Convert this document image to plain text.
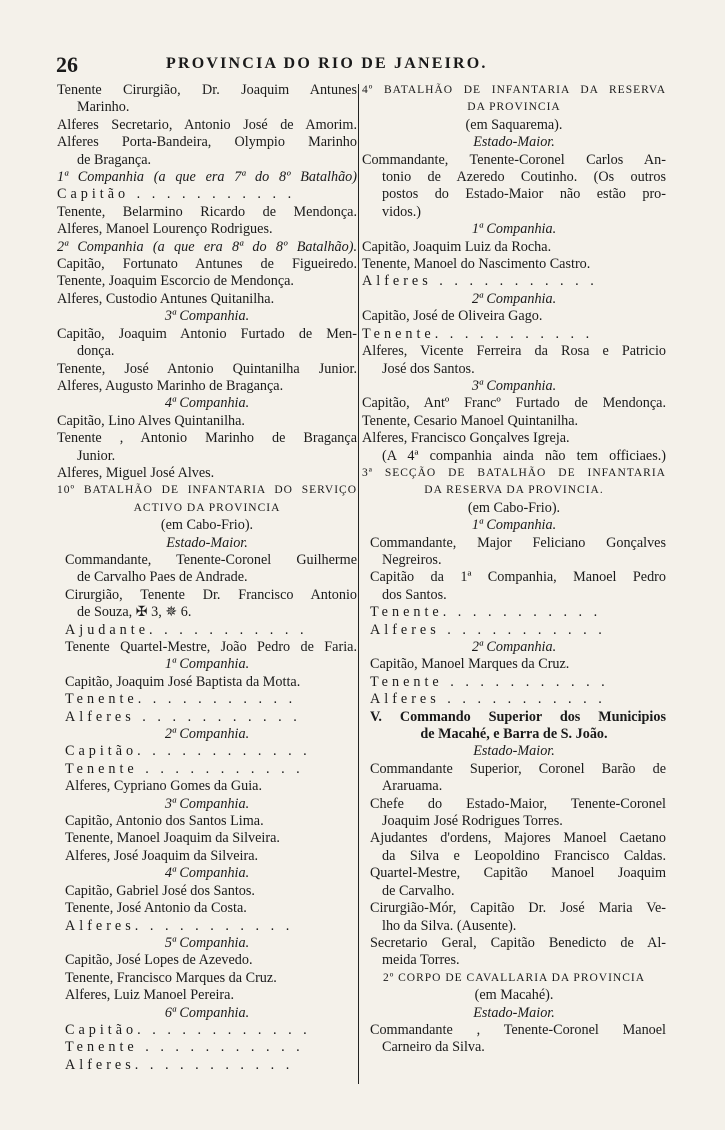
26	PROVINCIA DO RIO DE JANEIRO.

Tenente Cirurgião, Dr. Joaquim Antunes

Marinho.

Alferes Secretario, Antonio José de Amorim.

Alferes Porta-Bandeira, Olympio Marinho

de Bragança.

1ª Companhia (a que era 7ª do 8º Batalhão)

Capitão . . . . . . . . . . .

Tenente, Belarmino Ricardo de Mendonça.

Alferes, Manoel Lourenço Rodrigues.

2ª Companhia (a que era 8ª do 8º Batalhão).

Capitão, Fortunato Antunes de Figueiredo.

Tenente, Joaquim Escorcio de Mendonça.

Alferes, Custodio Antunes Quitanilha.

3ª Companhia.

Capitão, Joaquim Antonio Furtado de Men-

donça.

Tenente, José Antonio Quintanilha Junior.

Alferes, Augusto Marinho de Bragança.

4ª Companhia.

Capitão, Lino Alves Quintanilha.

Tenente , Antonio Marinho de Bragança

Junior.

Alferes, Miguel José Alves.

10º BATALHÃO DE INFANTARIA DO SERVIÇO

ACTIVO DA PROVINCIA

(em Cabo-Frio).

Estado-Maior.

Commandante, Tenente-Coronel Guilherme

de Carvalho Paes de Andrade.

Cirurgião, Tenente Dr. Francisco Antonio

de Souza, ✠ 3, ✵ 6.

Ajudante. . . . . . . . . . .

Tenente Quartel-Mestre, João Pedro de Faria.

1ª Companhia.

Capitão, Joaquim José Baptista da Motta.

Tenente. . . . . . . . . . .

Alferes . . . . . . . . . . .

2ª Companhia.

Capitão. . . . . . . . . . . .

Tenente . . . . . . . . . . .

Alferes, Cypriano Gomes da Guia.

3ª Companhia.

Capitão, Antonio dos Santos Lima.

Tenente, Manoel Joaquim da Silveira.

Alferes, José Joaquim da Silveira.

4ª Companhia.

Capitão, Gabriel José dos Santos.

Tenente, José Antonio da Costa.

Alferes. . . . . . . . . . .

5ª Companhia.

Capitão, José Lopes de Azevedo.

Tenente, Francisco Marques da Cruz.

Alferes, Luiz Manoel Pereira.

6ª Companhia.

Capitão. . . . . . . . . . . .

Tenente . . . . . . . . . . .

Alferes. . . . . . . . . . .

4º BATALHÃO DE INFANTARIA DA RESERVA

DA PROVINCIA

(em Saquarema).

Estado-Maior.

Commandante, Tenente-Coronel Carlos An-

tonio de Azeredo Coutinho. (Os outros

postos do Estado-Maior não estão pro-

vidos.)

1ª Companhia.

Capitão, Joaquim Luiz da Rocha.

Tenente, Manoel do Nascimento Castro.

Alferes . . . . . . . . . . .

2ª Companhia.

Capitão, José de Oliveira Gago.

Tenente. . . . . . . . . . .

Alferes, Vicente Ferreira da Rosa e Patricio

José dos Santos.

3ª Companhia.

Capitão, Antº Francº Furtado de Mendonça.

Tenente, Cesario Manoel Quintanilha.

Alferes, Francisco Gonçalves Igreja.

(A 4ª companhia ainda não tem officiaes.)

3ª SECÇÃO DE BATALHÃO DE INFANTARIA

DA RESERVA DA PROVINCIA.

(em Cabo-Frio).

1ª Companhia.

Commandante, Major Feliciano Gonçalves

Negreiros.

Capitão da 1ª Companhia, Manoel Pedro

dos Santos.

Tenente. . . . . . . . . . .

Alferes . . . . . . . . . . .

2ª Companhia.

Capitão, Manoel Marques da Cruz.

Tenente . . . . . . . . . . .

Alferes . . . . . . . . . . .

V. Commando Superior dos Municipios

de Macahé, e Barra de S. João.

Estado-Maior.

Commandante Superior, Coronel Barão de

Araruama.

Chefe do Estado-Maior, Tenente-Coronel

Joaquim José Rodrigues Torres.

Ajudantes d'ordens, Majores Manoel Caetano

da Silva e Leopoldino Francisco Caldas.

Quartel-Mestre, Capitão Manoel Joaquim

de Carvalho.

Cirurgião-Mór, Capitão Dr. José Maria Ve-

lho da Silva. (Ausente).

Secretario Geral, Capitão Benedicto de Al-

meida Torres.

2º CORPO DE CAVALLARIA DA PROVINCIA

(em Macahé).

Estado-Maior.

Commandante , Tenente-Coronel Manoel

Carneiro da Silva.
